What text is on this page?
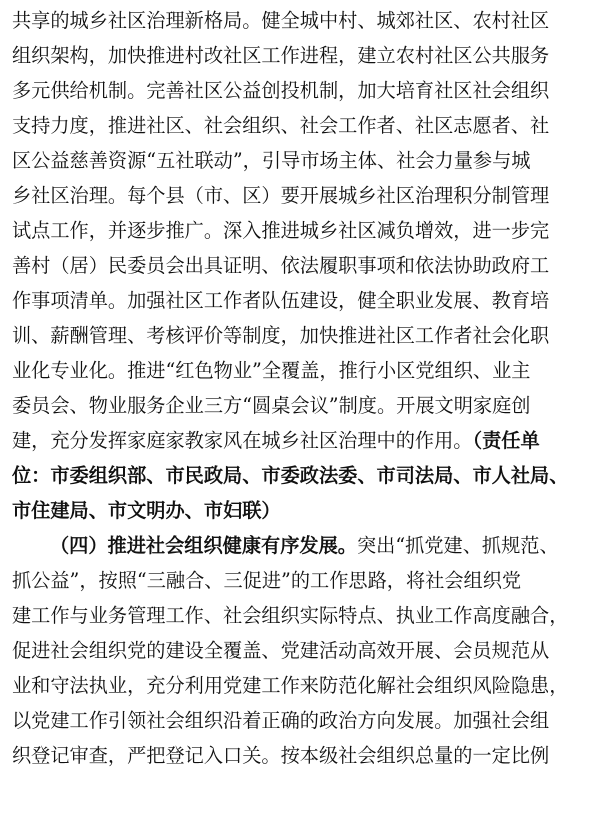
共享的城乡社区治理新格局。健全城中村、城郊社区、农村社区
组织架构，加快推进村改社区工作进程，建立农村社区公共服务
多元供给机制。完善社区公益创投机制，加大培育社区社会组织
支持力度，推进社区、社会组织、社会工作者、社区志愿者、社
区公益慈善资源“五社联动”，引导市场主体、社会力量参与城
乡社区治理。每个县（市、区）要开展城乡社区治理积分制管理
试点工作，并逐步推广。深入推进城乡社区减负增效，进一步完
善村（居）民委员会出具证明、依法履职事项和依法协助政府工
作事项清单。加强社区工作者队伍建设，健全职业发展、教育培
训、薪酬管理、考核评价等制度，加快推进社区工作者社会化职
业化专业化。推进“红色物业”全覆盖，推行小区党组织、业主
委员会、物业服务企业三方“圆桌会议”制度。开展文明家庭创
建，充分发挥家庭家教家风在城乡社区治理中的作用。（责任单
位：市委组织部、市民政局、市委政法委、市司法局、市人社局、
市住建局、市文明办、市妇联）
（四）推进社会组织健康有序发展。突出“抓党建、抓规范、
抓公益”，按照“三融合、三促进”的工作思路，将社会组织党
建工作与业务管理工作、社会组织实际特点、执业工作高度融合，
促进社会组织党的建设全覆盖、党建活动高效开展、会员规范从
业和守法执业，充分利用党建工作来防范化解社会组织风险隐患，
以党建工作引领社会组织沿着正确的政治方向发展。加强社会组
织登记审查，严把登记入口关。按本级社会组织总量的一定比例
